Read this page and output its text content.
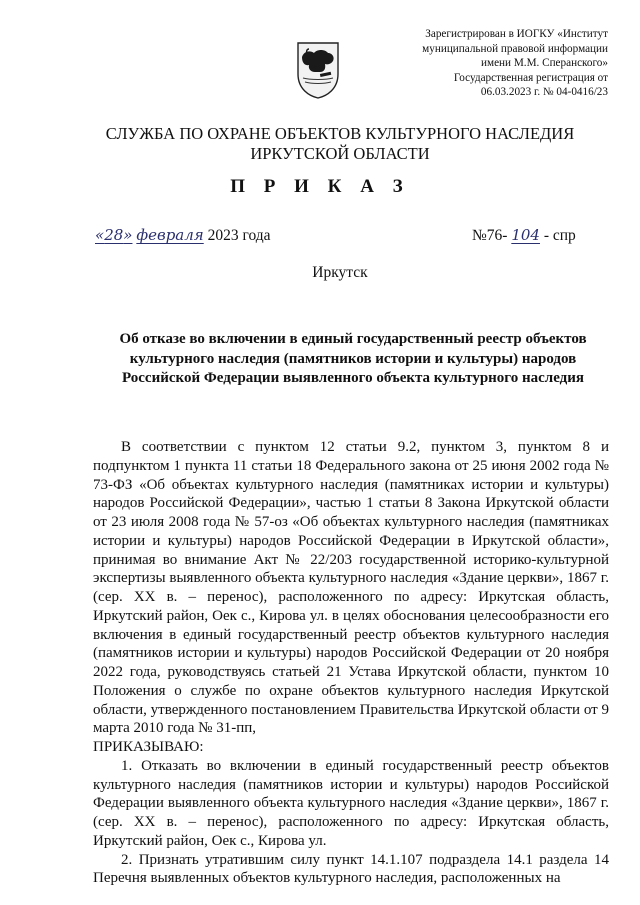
Зарегистрирован в ИОГКУ «Институт
муниципальной правовой информации
имени М.М. Сперанского»
Государственная регистрация от
06.03.2023 г. № 04-0416/23
СЛУЖБА ПО ОХРАНЕ ОБЪЕКТОВ КУЛЬТУРНОГО НАСЛЕДИЯ
ИРКУТСКОЙ ОБЛАСТИ
П Р И К А З
«28» февраля 2023 года	№76- 104 - спр
Иркутск
Об отказе во включении в единый государственный реестр объектов
культурного наследия (памятников истории и культуры) народов
Российской Федерации выявленного объекта культурного наследия

В соответствии с пунктом 12 статьи 9.2, пунктом 3, пунктом 8 и подпунктом 1 пункта 11 статьи 18 Федерального закона от 25 июня 2002 года № 73-ФЗ «Об объектах культурного наследия (памятниках истории и культуры) народов Российской Федерации», частью 1 статьи 8 Закона Иркутской области от 23 июля 2008 года № 57-оз «Об объектах культурного наследия (памятниках истории и культуры) народов Российской Федерации в Иркутской области», принимая во внимание Акт № 22/203 государственной историко-культурной экспертизы выявленного объекта культурного наследия «Здание церкви», 1867 г. (сер. XX в. – перенос), расположенного по адресу: Иркутская область, Иркутский район, Оек с., Кирова ул. в целях обоснования целесообразности его включения в единый государственный реестр объектов культурного наследия (памятников истории и культуры) народов Российской Федерации от 20 ноября 2022 года, руководствуясь статьей 21 Устава Иркутской области, пунктом 10 Положения о службе по охране объектов культурного наследия Иркутской области, утвержденного постановлением Правительства Иркутской области от 9 марта 2010 года № 31-пп,

ПРИКАЗЫВАЮ:

1. Отказать во включении в единый государственный реестр объектов культурного наследия (памятников истории и культуры) народов Российской Федерации выявленного объекта культурного наследия «Здание церкви», 1867 г. (сер. XX в. – перенос), расположенного по адресу: Иркутская область, Иркутский район, Оек с., Кирова ул.

2. Признать утратившим силу пункт 14.1.107 подраздела 14.1 раздела 14 Перечня выявленных объектов культурного наследия, расположенных на
